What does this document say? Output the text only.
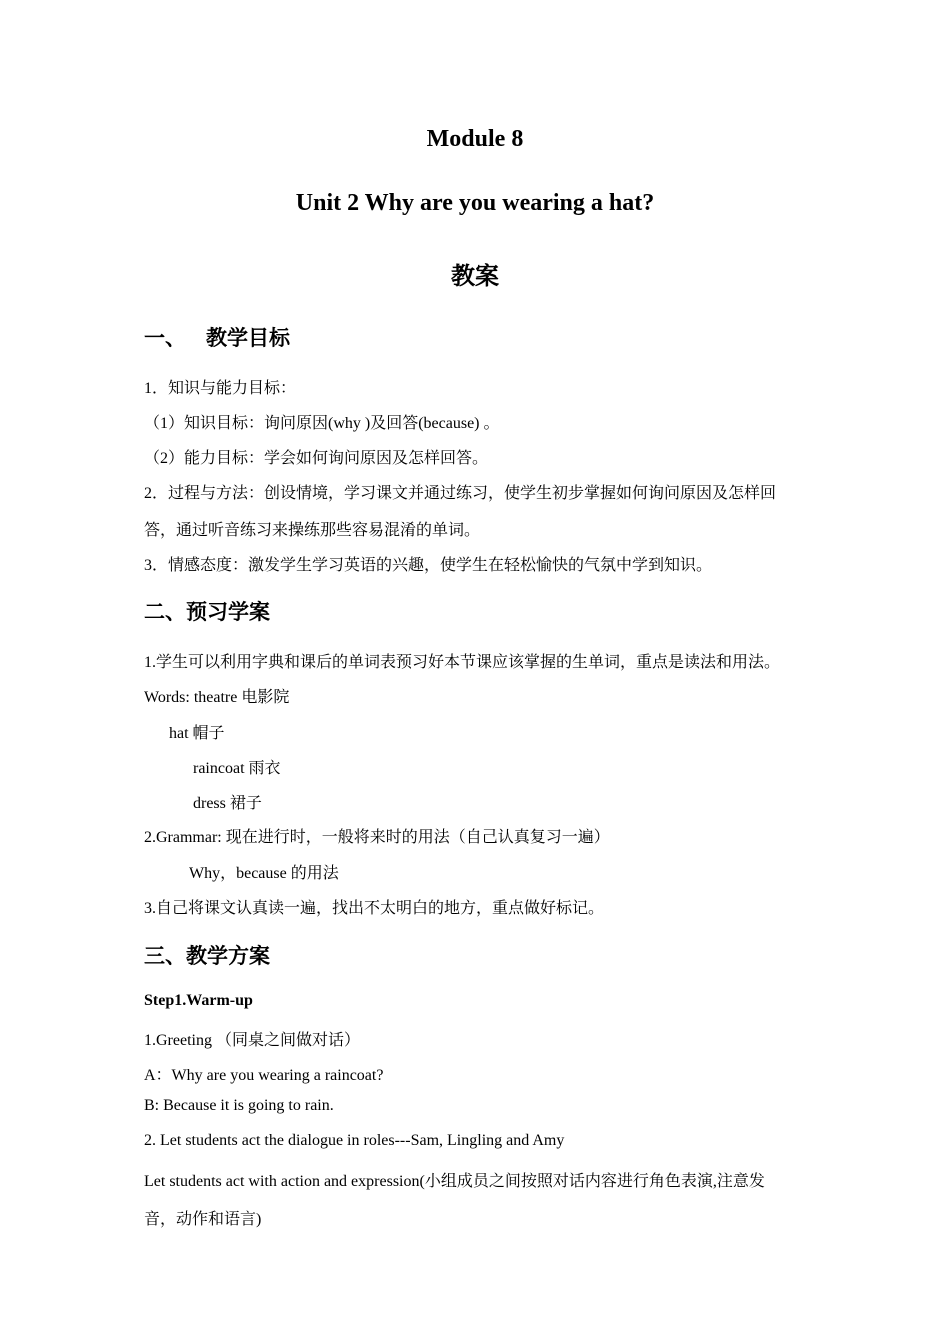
Module 8
Unit 2 Why are you wearing a hat?
教案
一、 教学目标
1．知识与能力目标：
（1）知识目标：询问原因(why )及回答(because) 。
（2）能力目标：学会如何询问原因及怎样回答。
2．过程与方法：创设情境，学习课文并通过练习，使学生初步掌握如何询问原因及怎样回
答，通过听音练习来操练那些容易混淆的单词。
3．情感态度：激发学生学习英语的兴趣，使学生在轻松愉快的气氛中学到知识。
二、预习学案
1.学生可以利用字典和课后的单词表预习好本节课应该掌握的生单词，重点是读法和用法。
Words: theatre 电影院
hat 帽子
raincoat 雨衣
dress 裙子
2.Grammar: 现在进行时，一般将来时的用法（自己认真复习一遍）
Why，because 的用法
3.自己将课文认真读一遍，找出不太明白的地方，重点做好标记。
三、教学方案
Step1.Warm-up
1.Greeting （同桌之间做对话）
A：Why are you wearing a raincoat?
B: Because it is going to rain.
2. Let students act the dialogue in roles---Sam, Lingling and Amy
Let students act with action and expression(小组成员之间按照对话内容进行角色表演,注意发
音，动作和语言)
